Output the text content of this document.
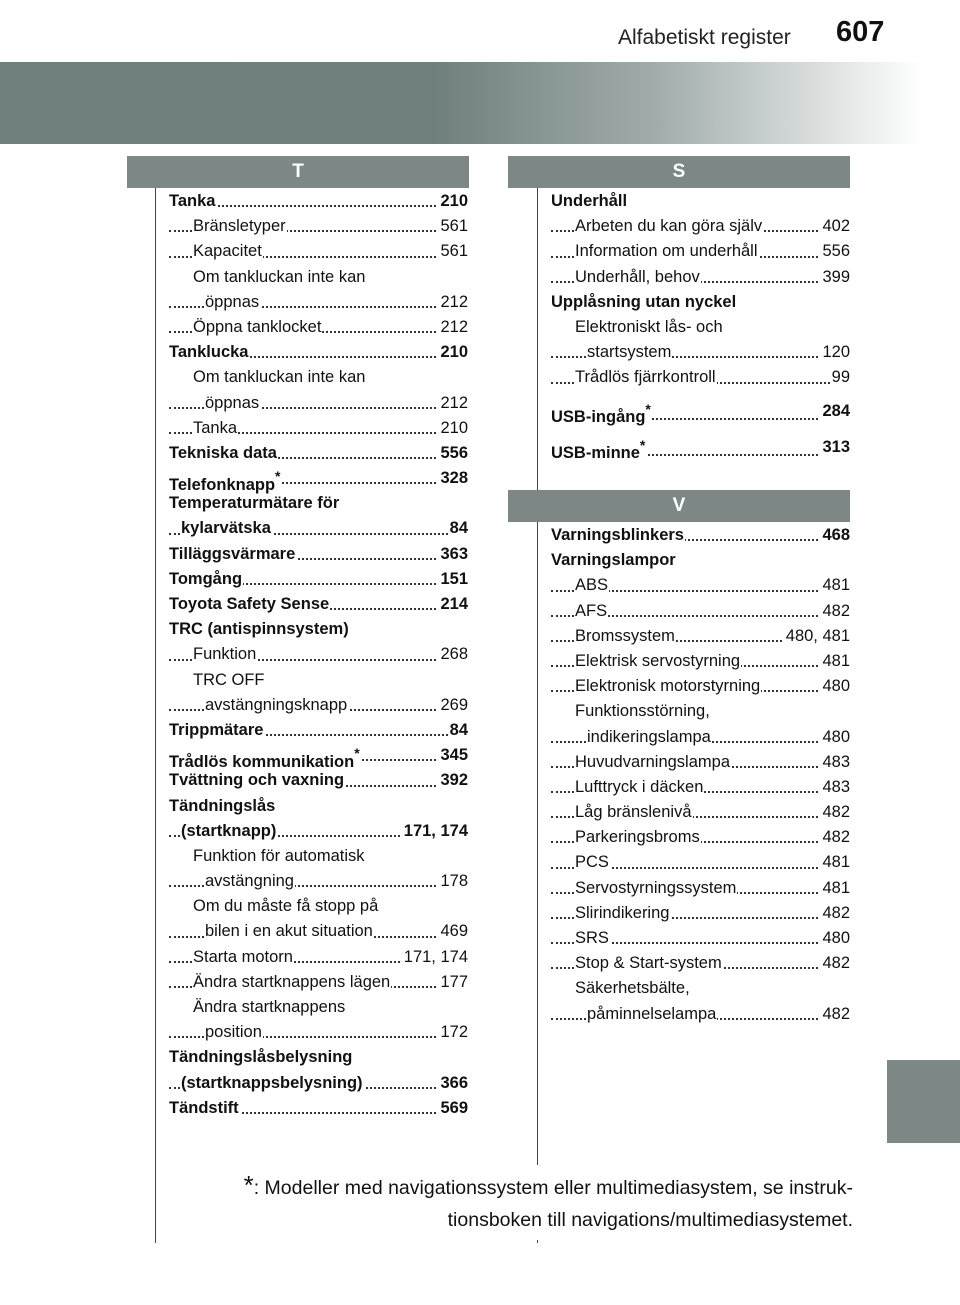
Alfabetiskt register 607
T	S
V
Tanka	210
Bränsletyper	561
Kapacitet	561
Om tankluckan inte kan
öppnas	212
Öppna tanklocket	212
Tanklucka	210
Om tankluckan inte kan
öppnas	212
Tanka	210
Tekniska data	556
Telefonknapp*	328
Temperaturmätare för
kylarvätska	84
Tilläggsvärmare	363
Tomgång	151
Toyota Safety Sense	214
TRC (antispinnsystem)
Funktion	268
TRC OFF
avstängningsknapp	269
Trippmätare	84
Trådlös kommunikation*	345
Tvättning och vaxning	392
Tändningslås
(startknapp)	171, 174
Funktion för automatisk
avstängning	178
Om du måste få stopp på
bilen i en akut situation	469
Starta motorn	171, 174
Ändra startknappens lägen	177
Ändra startknappens
position	172
Tändningslåsbelysning
(startknappsbelysning)	366
Tändstift	569
Underhåll
Arbeten du kan göra själv	402
Information om underhåll	556
Underhåll, behov	399
Upplåsning utan nyckel
Elektroniskt lås- och
startsystem	120
Trådlös fjärrkontroll	99
USB-ingång*	284
USB-minne*	313
Varningsblinkers	468
Varningslampor
ABS	481
AFS	482
Bromssystem	480, 481
Elektrisk servostyrning	481
Elektronisk motorstyrning	480
Funktionsstörning,
indikeringslampa	480
Huvudvarningslampa	483
Lufttryck i däcken	483
Låg bränslenivå	482
Parkeringsbroms	482
PCS	481
Servostyrningssystem	481
Slirindikering	482
SRS	480
Stop & Start-system	482
Säkerhetsbälte,
påminnelselampa	482
*: Modeller med navigationssystem eller multimediasystem, se instruk-
tionsboken till navigations/multimediasystemet.
